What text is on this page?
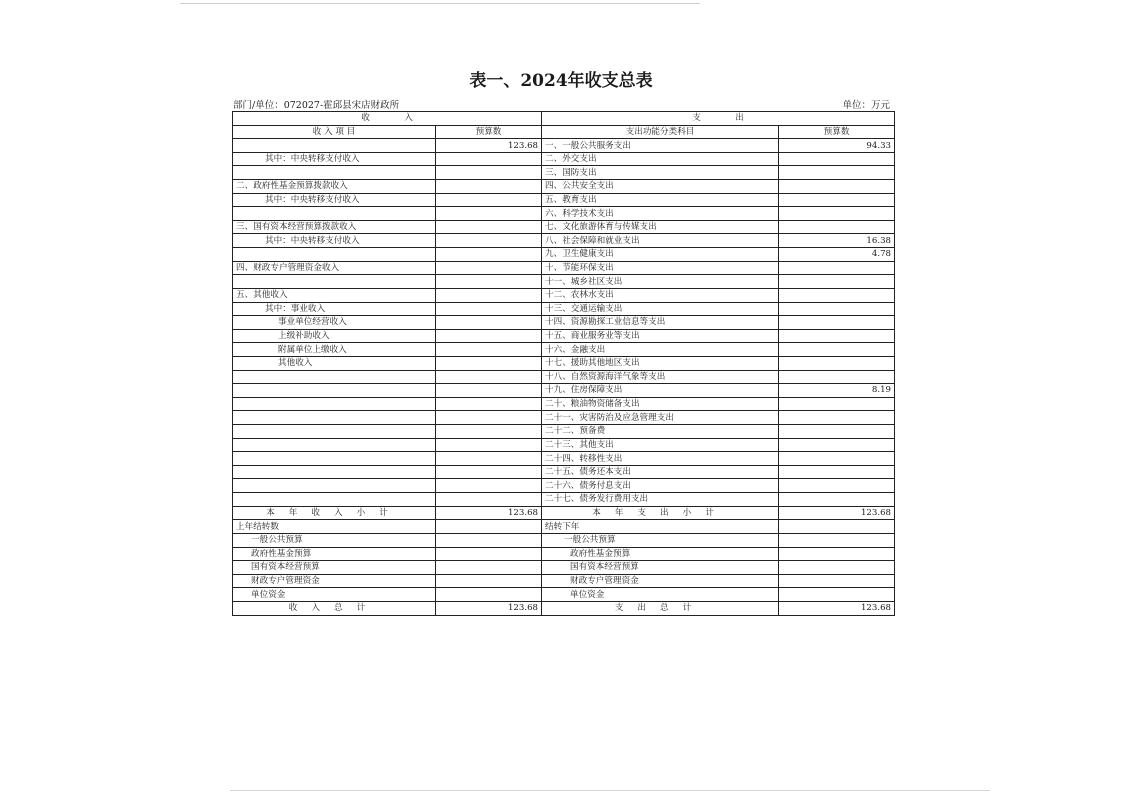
表一、2024年收支总表
部门/单位：072027-霍邱县宋店财政所	单位：万元
收　　　　入		支　　　　出	
收 入 项 目	预算数	支出功能分类科目	预算数
	123.68	一、一般公共服务支出	94.33
其中：中央转移支付收入		二、外交支出	
		三、国防支出	
二、政府性基金预算拨款收入		四、公共安全支出	
其中：中央转移支付收入		五、教育支出	
		六、科学技术支出	
三、国有资本经营预算拨款收入		七、文化旅游体育与传媒支出	
其中：中央转移支付收入		八、社会保障和就业支出	16.38
		九、卫生健康支出	4.78
四、财政专户管理资金收入		十、节能环保支出	
		十一、城乡社区支出	
五、其他收入		十二、农林水支出	
其中：事业收入		十三、交通运输支出	
事业单位经营收入		十四、资源勘探工业信息等支出	
上级补助收入		十五、商业服务业等支出	
附属单位上缴收入		十六、金融支出	
其他收入		十七、援助其他地区支出	
		十八、自然资源海洋气象等支出	
		十九、住房保障支出	8.19
		二十、粮油物资储备支出	
		二十一、灾害防治及应急管理支出	
		二十二、预备费	
		二十三、其他支出	
		二十四、转移性支出	
		二十五、债务还本支出	
		二十六、债务付息支出	
		二十七、债务发行费用支出	
本年收入小计	123.68	本年支出小计	123.68
上年结转数		结转下年	
一般公共预算		一般公共预算	
政府性基金预算		政府性基金预算	
国有资本经营预算		国有资本经营预算	
财政专户管理资金		财政专户管理资金	
单位资金		单位资金	
收入总计	123.68	支出总计	123.68
